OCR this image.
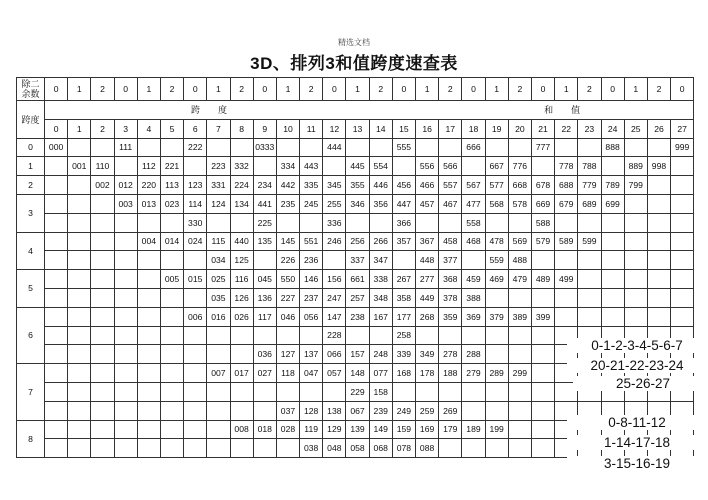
精选文档
3D、排列3和值跨度速查表
除二
余数	0	1	2	0	1	2	0	1	2	0	1	2	0	1	2	0	1	2	0	1	2	0	1	2	0	1	2	0
跨度	跨　　度														和　　值													
	0	1	2	3	4	5	6	7	8	9	10	11	12	13	14	15	16	17	18	19	20	21	22	23	24	25	26	27
0	000			111			222			0333			444			555			666			777			888			999
1		001	110		112	221		223	332		334	443		445	554		556	566		667	776		778	788		889	998	
2			002	012	220	113	123	331	224	234	442	335	345	355	446	456	466	557	567	577	668	678	688	779	789	799		
3				003	013	023	114	124	134	441	235	245	255	346	356	447	457	467	477	568	578	669	679	689	699			
							330			225			336			366			558			588						
4					004	014	024	115	440	135	145	551	246	256	266	357	367	458	468	478	569	579	589	599				
								034	125		226	236		337	347		448	377		559	488							
5						005	015	025	116	045	550	146	156	661	338	267	277	368	459	469	479	489	499					
								035	126	136	227	237	247	257	348	358	449	378	388									
6							006	016	026	117	046	056	147	238	167	177	268	359	369	379	389	399						
													228			258												
										036	127	137	066	157	248	339	349	278	288									
7								007	017	027	118	047	057	148	077	168	178	188	279	289	299							
														229	158													
											037	128	138	067	239	249	259	269										
8									008	018	028	119	129	139	149	159	169	179	189	199								
												038	048	058	068	078	088											
0-1-2-3-4-5-6-7
20-21-22-23-24
25-26-27
0-8-11-12
1-14-17-18
3-15-16-19
